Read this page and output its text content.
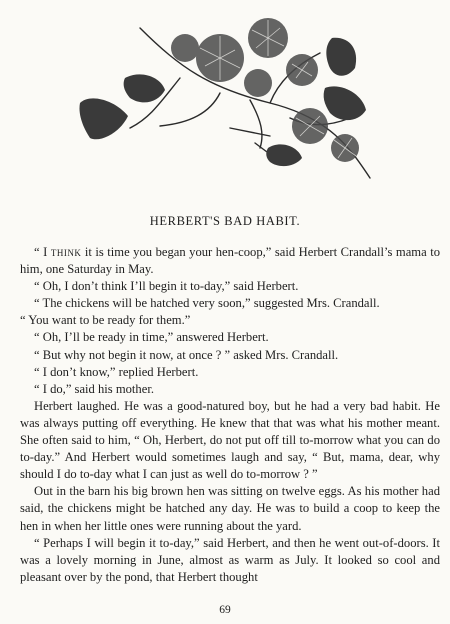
HERBERT'S BAD HABIT.

“ I think it is time you began your hen-coop,” said Herbert Crandall’s mama to him, one Saturday in May.

“ Oh, I don’t think I’ll begin it to-day,” said Herbert.

“ The chickens will be hatched very soon,” suggested Mrs. Crandall.

“ You want to be ready for them.”

“ Oh, I’ll be ready in time,” answered Herbert.

“ But why not begin it now, at once ? ” asked Mrs. Crandall.

“ I don’t know,” replied Herbert.

“ I do,” said his mother.

Herbert laughed. He was a good-natured boy, but he had a very bad habit. He was always putting off everything. He knew that that was what his mother meant. She often said to him, “ Oh, Herbert, do not put off till to-morrow what you can do to-day.” And Herbert would sometimes laugh and say, “ But, mama, dear, why should I do to-day what I can just as well do to-morrow ? ”

Out in the barn his big brown hen was sitting on twelve eggs. As his mother had said, the chickens might be hatched any day. He was to build a coop to keep the hen in when her little ones were running about the yard.

“ Perhaps I will begin it to-day,” said Herbert, and then he went out-of-doors. It was a lovely morning in June, almost as warm as July. It looked so cool and pleasant over by the pond, that Herbert thought

69
